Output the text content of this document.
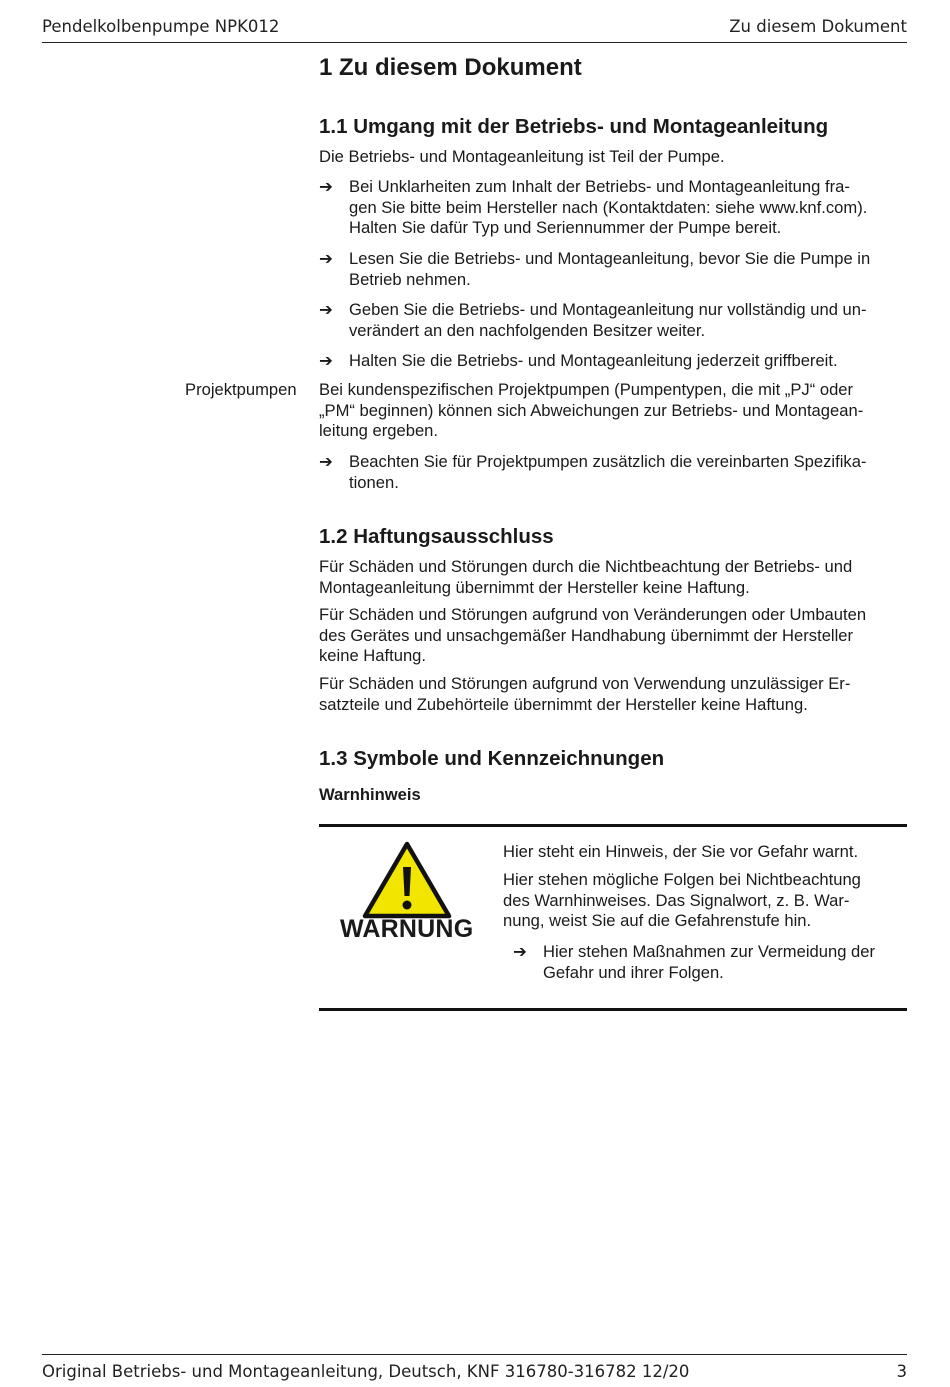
Pendelkolbenpumpe NPK012	Zu diesem Dokument
1 Zu diesem Dokument
1.1 Umgang mit der Betriebs- und Montageanleitung
Die Betriebs- und Montageanleitung ist Teil der Pumpe.
➔ Bei Unklarheiten zum Inhalt der Betriebs- und Montageanleitung fra-
gen Sie bitte beim Hersteller nach (Kontaktdaten: siehe www.knf.com).
Halten Sie dafür Typ und Seriennummer der Pumpe bereit.
➔ Lesen Sie die Betriebs- und Montageanleitung, bevor Sie die Pumpe in
Betrieb nehmen.
➔ Geben Sie die Betriebs- und Montageanleitung nur vollständig und un-
verändert an den nachfolgenden Besitzer weiter.
➔ Halten Sie die Betriebs- und Montageanleitung jederzeit griffbereit.
Projektpumpen Bei kundenspezifischen Projektpumpen (Pumpentypen, die mit „PJ“ oder
„PM“ beginnen) können sich Abweichungen zur Betriebs- und Montagean-
leitung ergeben.
➔ Beachten Sie für Projektpumpen zusätzlich die vereinbarten Spezifika-
tionen.
1.2 Haftungsausschluss
Für Schäden und Störungen durch die Nichtbeachtung der Betriebs- und
Montageanleitung übernimmt der Hersteller keine Haftung.
Für Schäden und Störungen aufgrund von Veränderungen oder Umbauten
des Gerätes und unsachgemäßer Handhabung übernimmt der Hersteller
keine Haftung.
Für Schäden und Störungen aufgrund von Verwendung unzulässiger Er-
satzteile und Zubehörteile übernimmt der Hersteller keine Haftung.
1.3 Symbole und Kennzeichnungen
Warnhinweis
WARNUNG
Hier steht ein Hinweis, der Sie vor Gefahr warnt.
Hier stehen mögliche Folgen bei Nichtbeachtung
des Warnhinweises. Das Signalwort, z. B. War-
nung, weist Sie auf die Gefahrenstufe hin.
➔ Hier stehen Maßnahmen zur Vermeidung der
Gefahr und ihrer Folgen.
Original Betriebs- und Montageanleitung, Deutsch, KNF 316780-316782 12/20	3
